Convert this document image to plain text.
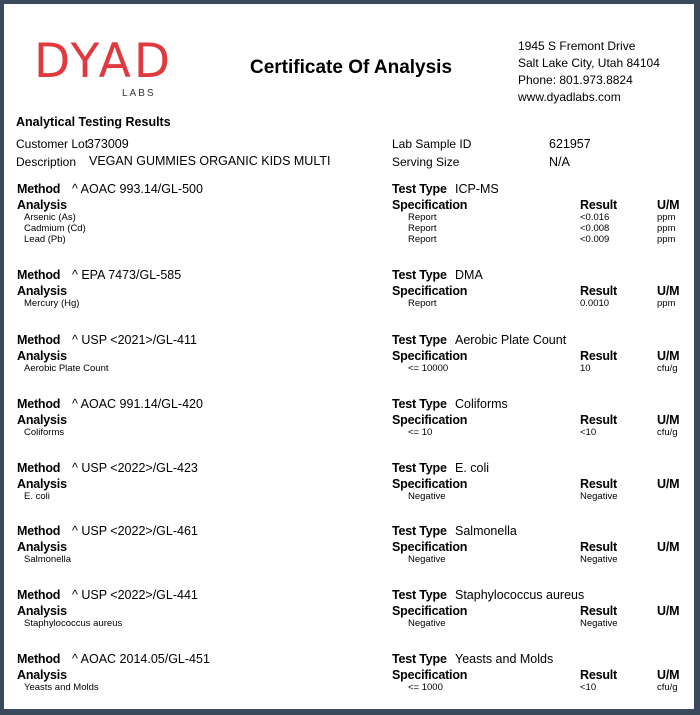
DYAD
LABS
Certificate Of Analysis
1945 S Fremont Drive
Salt Lake City, Utah 84104
Phone: 801.973.8824
www.dyadlabs.com
Analytical Testing Results
Customer Lot
373009
Description VEGAN GUMMIES ORGANIC KIDS MULTI
Lab Sample ID	621957
Serving Size	N/A
Method ^ AOAC 993.14/GL-500
Analysis
Test Type ICP-MS
Specification	Result	U/M
Arsenic (As)	Report	<0.016	ppm
Cadmium (Cd)	Report	<0.008	ppm
Lead (Pb)	Report	<0.009	ppm
Method ^ EPA 7473/GL-585
Analysis
Test Type DMA
Specification	Result	U/M
Mercury (Hg)	Report	0.0010	ppm
Method ^ USP <2021>/GL-411
Analysis
Test Type Aerobic Plate Count
Specification	Result	U/M
Aerobic Plate Count	<= 10000	10	cfu/g
Method ^ AOAC 991.14/GL-420
Analysis
Test Type Coliforms
Specification	Result	U/M
Coliforms	<= 10	<10	cfu/g
Method ^ USP <2022>/GL-423
Analysis
Test Type E. coli
Specification	Result	U/M
E. coli	Negative	Negative
Method ^ USP <2022>/GL-461
Analysis
Test Type Salmonella
Specification	Result	U/M
Salmonella	Negative	Negative
Method ^ USP <2022>/GL-441
Analysis
Test Type Staphylococcus aureus
Specification	Result	U/M
Staphylococcus aureus	Negative	Negative
Method ^ AOAC 2014.05/GL-451
Analysis
Test Type Yeasts and Molds
Specification	Result	U/M
Yeasts and Molds	<= 1000	<10	cfu/g
